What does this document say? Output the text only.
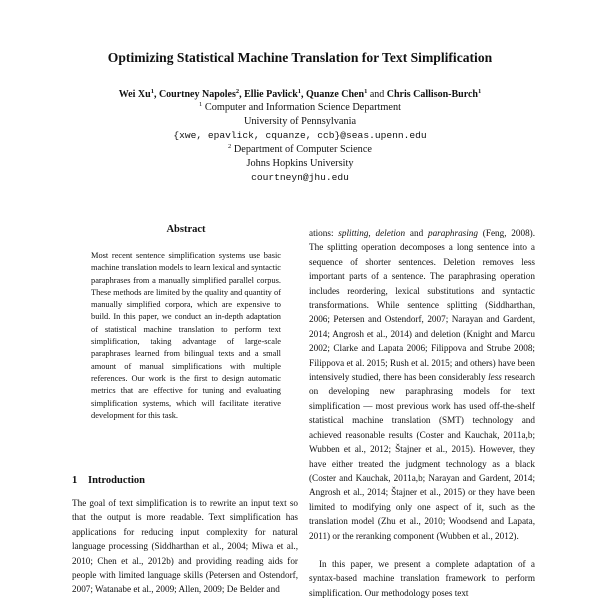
Optimizing Statistical Machine Translation for Text Simplification
Wei Xu$^1$, Courtney Napoles$^2$, Ellie Pavlick$^1$, Quanze Chen$^1$ and Chris Callison-Burch$^1$
$^1$ Computer and Information Science Department
University of Pennsylvania
{xwe, epavlick, cquanze, ccb}@seas.upenn.edu
$^2$ Department of Computer Science
Johns Hopkins University
courtneyn@jhu.edu
Abstract
Most recent sentence simplification systems use basic machine translation models to learn lexical and syntactic paraphrases from a manually simplified parallel corpus. These methods are limited by the quality and quantity of manually simplified corpora, which are expensive to build. In this paper, we conduct an in-depth adaptation of statistical machine translation to perform text simplification, taking advantage of large-scale paraphrases learned from bilingual texts and a small amount of manual simplifications with multiple references. Our work is the first to design automatic metrics that are effective for tuning and evaluating simplification systems, which will facilitate iterative development for this task.
1 Introduction
The goal of text simplification is to rewrite an input text so that the output is more readable. Text simplification has applications for reducing input complexity for natural language processing (Siddharthan et al., 2004; Miwa et al., 2010; Chen et al., 2012b) and providing reading aids for people with limited language skills (Petersen and Ostendorf, 2007; Watanabe et al., 2009; Allen, 2009; De Belder and

ations: splitting, deletion and paraphrasing (Feng, 2008). The splitting operation decomposes a long sentence into a sequence of shorter sentences. Deletion removes less important parts of a sentence. The paraphrasing operation includes reordering, lexical substitutions and syntactic transformations. While sentence splitting (Siddharthan, 2006; Petersen and Ostendorf, 2007; Narayan and Gardent, 2014; Angrosh et al., 2014) and deletion (Knight and Marcu 2002; Clarke and Lapata 2006; Filippova and Strube 2008; Filippova et al. 2015; Rush et al. 2015; and others) have been intensively studied, there has been considerably less research on developing new paraphrasing models for text simplification — most previous work has used off-the-shelf statistical machine translation (SMT) technology and achieved reasonable results (Coster and Kauchak, 2011a,b; Wubben et al., 2012; Štajner et al., 2015). However, they have either treated the judgment technology as a black (Coster and Kauchak, 2011a,b; Narayan and Gardent, 2014; Angrosh et al., 2014; Štajner et al., 2015) or they have been limited to modifying only one aspect of it, such as the translation model (Zhu et al., 2010; Woodsend and Lapata, 2011) or the reranking component (Wubben et al., 2012).

In this paper, we present a complete adaptation of a syntax-based machine translation framework to perform simplification. Our methodology poses text
